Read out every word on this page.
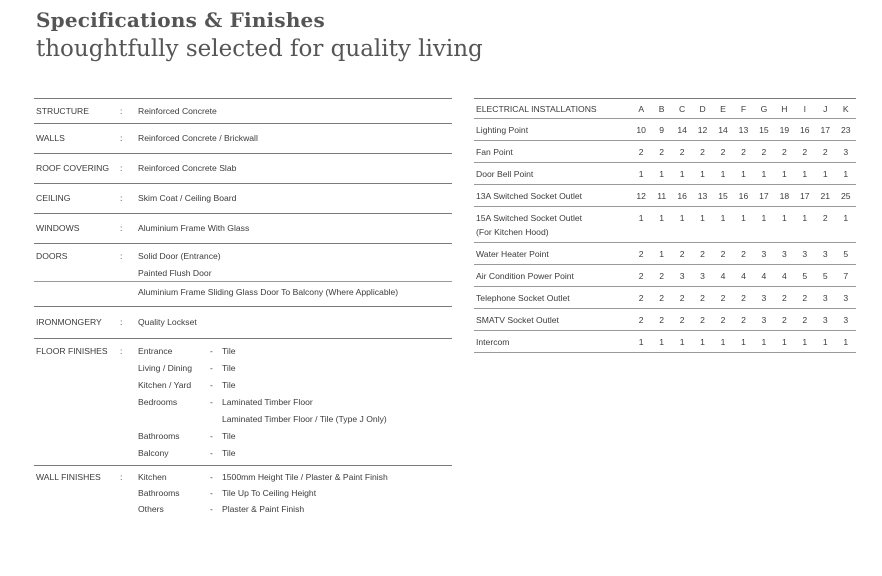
Specifications & Finishes
thoughtfully selected for quality living
STRUCTURE	:	Reinforced Concrete
WALLS	:	Reinforced Concrete / Brickwall
ROOF COVERING	:	Reinforced Concrete Slab
CEILING	:	Skim Coat / Ceiling Board
WINDOWS	:	Aluminium Frame With Glass
DOORS	:	Solid Door (Entrance)
Painted Flush Door
Aluminium Frame Sliding Glass Door To Balcony (Where Applicable)
IRONMONGERY	:	Quality Lockset
FLOOR FINISHES	:	Entrance	-	Tile
Living / Dining	-	Tile
Kitchen / Yard	-	Tile
Bedrooms	-	Laminated Timber Floor
Laminated Timber Floor / Tile (Type J Only)
Bathrooms	-	Tile
Balcony	-	Tile
WALL FINISHES	:	Kitchen	-	1500mm Height Tile / Plaster & Paint Finish
Bathrooms	-	Tile Up To Ceiling Height
Others	-	Plaster & Paint Finish
ELECTRICAL INSTALLATIONS	A	B	C	D	E	F	G	H	I	J	K
Lighting Point	10	9	14	12	14	13	15	19	16	17	23
Fan Point	2	2	2	2	2	2	2	2	2	2	3
Door Bell Point	1	1	1	1	1	1	1	1	1	1	1
13A Switched Socket Outlet	12	11	16	13	15	16	17	18	17	21	25
15A Switched Socket Outlet
(For Kitchen Hood)
1	1	1	1	1	1	1	1	1	2	1
Water Heater Point	2	1	2	2	2	2	3	3	3	3	5
Air Condition Power Point	2	2	3	3	4	4	4	4	5	5	7
Telephone Socket Outlet	2	2	2	2	2	2	3	2	2	3	3
SMATV Socket Outlet	2	2	2	2	2	2	3	2	2	3	3
Intercom	1	1	1	1	1	1	1	1	1	1	1
